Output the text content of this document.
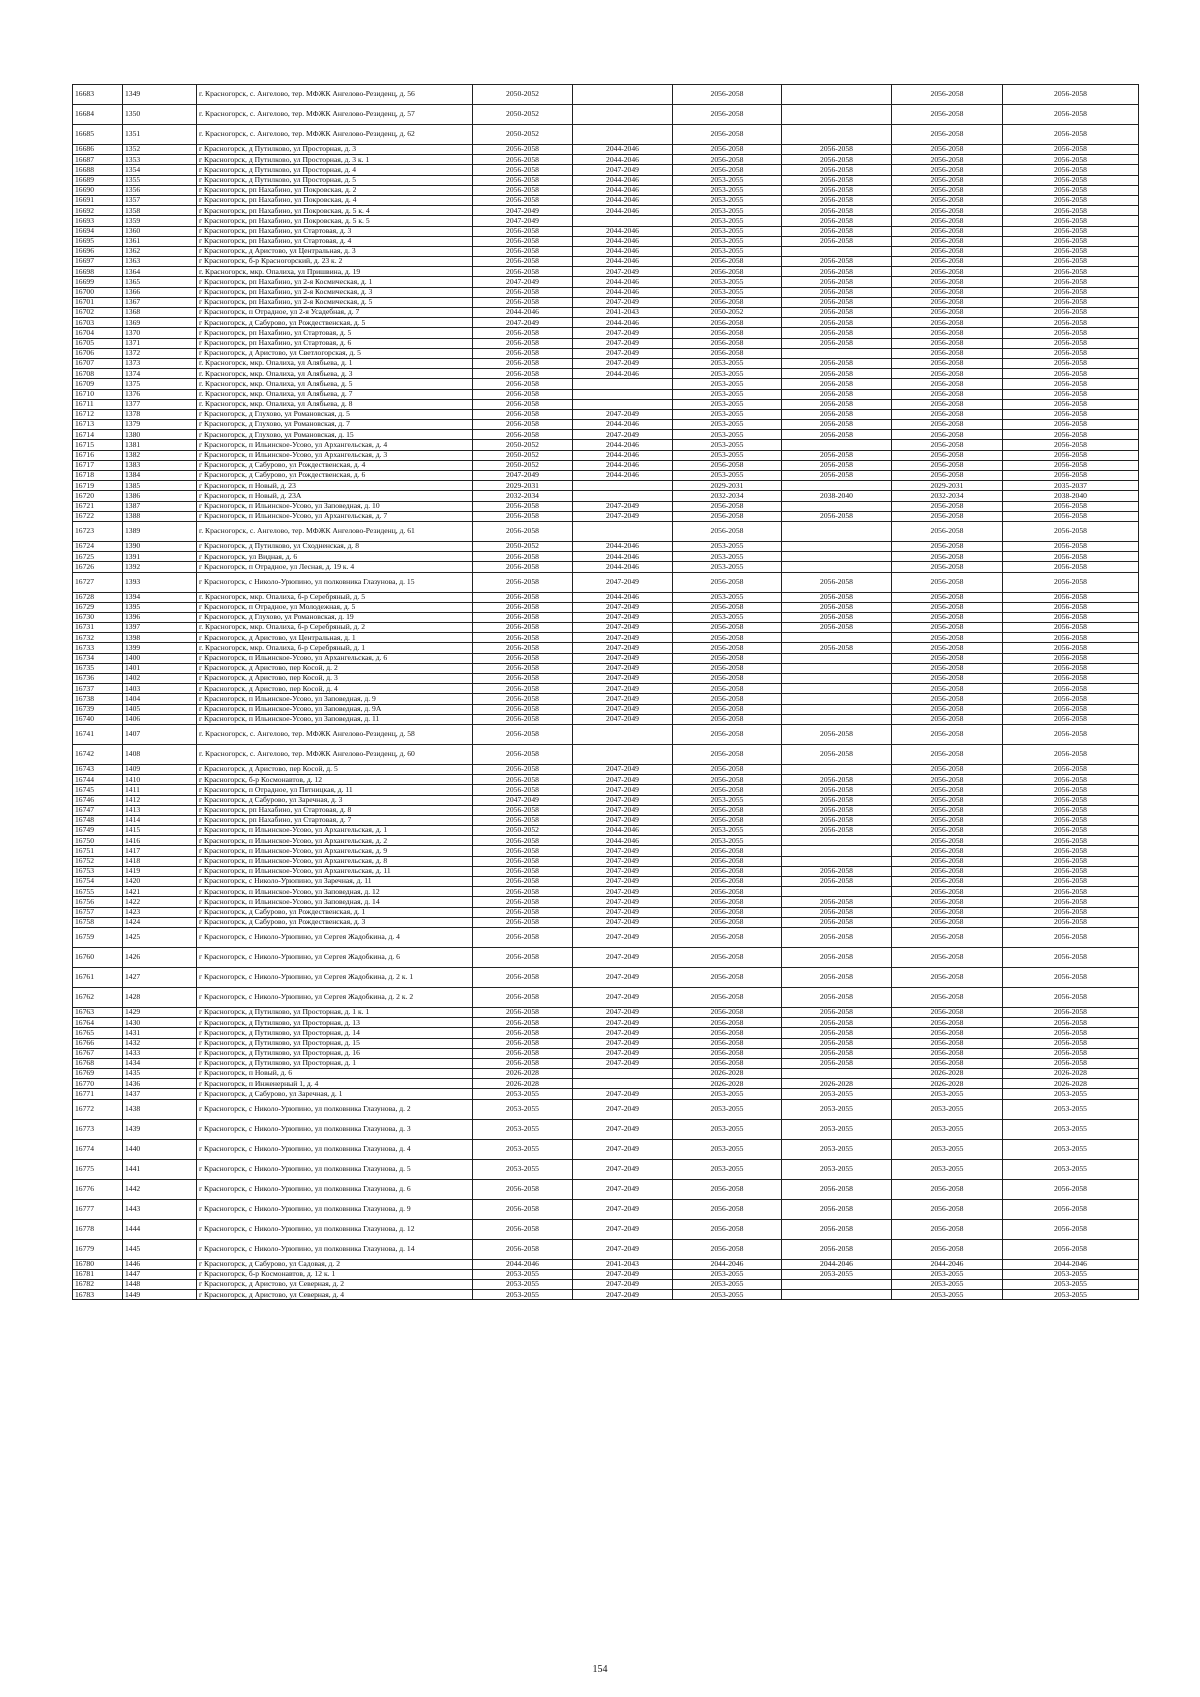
16683	1349	г. Красногорск, с. Ангелово, тер. МФЖК Ангелово-Резиденц, д. 56	2050-2052		2056-2058		2056-2058	2056-2058
16684	1350	г. Красногорск, с. Ангелово, тер. МФЖК Ангелово-Резиденц, д. 57	2050-2052		2056-2058		2056-2058	2056-2058
16685	1351	г. Красногорск, с. Ангелово, тер. МФЖК Ангелово-Резиденц, д. 62	2050-2052		2056-2058		2056-2058	2056-2058
16686	1352	г Красногорск, д Путилково, ул Просторная, д. 3	2056-2058	2044-2046	2056-2058	2056-2058	2056-2058	2056-2058
16687	1353	г Красногорск, д Путилково, ул Просторная, д. 3 к. 1	2056-2058	2044-2046	2056-2058	2056-2058	2056-2058	2056-2058
16688	1354	г Красногорск, д Путилково, ул Просторная, д. 4	2056-2058	2047-2049	2056-2058	2056-2058	2056-2058	2056-2058
16689	1355	г Красногорск, д Путилково, ул Просторная, д. 5	2056-2058	2044-2046	2053-2055	2056-2058	2056-2058	2056-2058
16690	1356	г Красногорск, рп Нахабино, ул Покровская, д. 2	2056-2058	2044-2046	2053-2055	2056-2058	2056-2058	2056-2058
16691	1357	г Красногорск, рп Нахабино, ул Покровская, д. 4	2056-2058	2044-2046	2053-2055	2056-2058	2056-2058	2056-2058
16692	1358	г Красногорск, рп Нахабино, ул Покровская, д. 5 к. 4	2047-2049	2044-2046	2053-2055	2056-2058	2056-2058	2056-2058
16693	1359	г Красногорск, рп Нахабино, ул Покровская, д. 5 к. 5	2047-2049		2053-2055	2056-2058	2056-2058	2056-2058
16694	1360	г Красногорск, рп Нахабино, ул Стартовая, д. 3	2056-2058	2044-2046	2053-2055	2056-2058	2056-2058	2056-2058
16695	1361	г Красногорск, рп Нахабино, ул Стартовая, д. 4	2056-2058	2044-2046	2053-2055	2056-2058	2056-2058	2056-2058
16696	1362	г Красногорск, д Аристово, ул Центральная, д. 3	2056-2058	2044-2046	2053-2055		2056-2058	2056-2058
16697	1363	г Красногорск, б-р Красногорский, д. 23 к. 2	2056-2058	2044-2046	2056-2058	2056-2058	2056-2058	2056-2058
16698	1364	г. Красногорск, мкр. Опалиха, ул Пришвина, д. 19	2056-2058	2047-2049	2056-2058	2056-2058	2056-2058	2056-2058
16699	1365	г Красногорск, рп Нахабино, ул 2-я Космическая, д. 1	2047-2049	2044-2046	2053-2055	2056-2058	2056-2058	2056-2058
16700	1366	г Красногорск, рп Нахабино, ул 2-я Космическая, д. 3	2056-2058	2044-2046	2053-2055	2056-2058	2056-2058	2056-2058
16701	1367	г Красногорск, рп Нахабино, ул 2-я Космическая, д. 5	2056-2058	2047-2049	2056-2058	2056-2058	2056-2058	2056-2058
16702	1368	г Красногорск, п Отрадное, ул 2-я Усадебная, д. 7	2044-2046	2041-2043	2050-2052	2056-2058	2056-2058	2056-2058
16703	1369	г Красногорск, д Сабурово, ул Рождественская, д. 5	2047-2049	2044-2046	2056-2058	2056-2058	2056-2058	2056-2058
16704	1370	г Красногорск, рп Нахабино, ул Стартовая, д. 5	2056-2058	2047-2049	2056-2058	2056-2058	2056-2058	2056-2058
16705	1371	г Красногорск, рп Нахабино, ул Стартовая, д. 6	2056-2058	2047-2049	2056-2058	2056-2058	2056-2058	2056-2058
16706	1372	г Красногорск, д Аристово, ул Светлогорская, д. 5	2056-2058	2047-2049	2056-2058		2056-2058	2056-2058
16707	1373	г. Красногорск, мкр. Опалиха, ул Алябьева, д. 1	2056-2058	2047-2049	2053-2055	2056-2058	2056-2058	2056-2058
16708	1374	г. Красногорск, мкр. Опалиха, ул Алябьева, д. 3	2056-2058	2044-2046	2053-2055	2056-2058	2056-2058	2056-2058
16709	1375	г. Красногорск, мкр. Опалиха, ул Алябьева, д. 5	2056-2058		2053-2055	2056-2058	2056-2058	2056-2058
16710	1376	г. Красногорск, мкр. Опалиха, ул Алябьева, д. 7	2056-2058		2053-2055	2056-2058	2056-2058	2056-2058
16711	1377	г. Красногорск, мкр. Опалиха, ул Алябьева, д. 8	2056-2058		2053-2055	2056-2058	2056-2058	2056-2058
16712	1378	г Красногорск, д Глухово, ул Романовская, д. 5	2056-2058	2047-2049	2053-2055	2056-2058	2056-2058	2056-2058
16713	1379	г Красногорск, д Глухово, ул Романовская, д. 7	2056-2058	2044-2046	2053-2055	2056-2058	2056-2058	2056-2058
16714	1380	г Красногорск, д Глухово, ул Романовская, д. 15	2056-2058	2047-2049	2053-2055	2056-2058	2056-2058	2056-2058
16715	1381	г Красногорск, п Ильинское-Усово, ул Архангельская, д. 4	2050-2052	2044-2046	2053-2055		2056-2058	2056-2058
16716	1382	г Красногорск, п Ильинское-Усово, ул Архангельская, д. 3	2050-2052	2044-2046	2053-2055	2056-2058	2056-2058	2056-2058
16717	1383	г Красногорск, д Сабурово, ул Рождественская, д. 4	2050-2052	2044-2046	2056-2058	2056-2058	2056-2058	2056-2058
16718	1384	г Красногорск, д Сабурово, ул Рождественская, д. 6	2047-2049	2044-2046	2053-2055	2056-2058	2056-2058	2056-2058
16719	1385	г Красногорск, п Новый, д. 23	2029-2031		2029-2031		2029-2031	2035-2037
16720	1386	г Красногорск, п Новый, д. 23А	2032-2034		2032-2034	2038-2040	2032-2034	2038-2040
16721	1387	г Красногорск, п Ильинское-Усово, ул Заповедная, д. 10	2056-2058	2047-2049	2056-2058		2056-2058	2056-2058
16722	1388	г Красногорск, п Ильинское-Усово, ул Архангельская, д. 7	2056-2058	2047-2049	2056-2058	2056-2058	2056-2058	2056-2058
16723	1389	г. Красногорск, с. Ангелово, тер. МФЖК Ангелово-Резиденц, д. 61	2056-2058		2056-2058		2056-2058	2056-2058
16724	1390	г Красногорск, д Путилково, ул Сходненская, д. 8	2050-2052	2044-2046	2053-2055		2056-2058	2056-2058
16725	1391	г Красногорск, ул Видная, д. 6	2056-2058	2044-2046	2053-2055		2056-2058	2056-2058
16726	1392	г Красногорск, п Отрадное, ул Лесная, д. 19 к. 4	2056-2058	2044-2046	2053-2055		2056-2058	2056-2058
16727	1393	г Красногорск, с Николо-Урюпино, ул полковника Глазунова, д. 15	2056-2058	2047-2049	2056-2058	2056-2058	2056-2058	2056-2058
16728	1394	г. Красногорск, мкр. Опалиха, б-р Серебряный, д. 5	2056-2058	2044-2046	2053-2055	2056-2058	2056-2058	2056-2058
16729	1395	г Красногорск, п Отрадное, ул Молодежная, д. 5	2056-2058	2047-2049	2056-2058	2056-2058	2056-2058	2056-2058
16730	1396	г Красногорск, д Глухово, ул Романовская, д. 19	2056-2058	2047-2049	2053-2055	2056-2058	2056-2058	2056-2058
16731	1397	г. Красногорск, мкр. Опалиха, б-р Серебряный, д. 2	2056-2058	2047-2049	2056-2058	2056-2058	2056-2058	2056-2058
16732	1398	г Красногорск, д Аристово, ул Центральная, д. 1	2056-2058	2047-2049	2056-2058		2056-2058	2056-2058
16733	1399	г. Красногорск, мкр. Опалиха, б-р Серебряный, д. 1	2056-2058	2047-2049	2056-2058	2056-2058	2056-2058	2056-2058
16734	1400	г Красногорск, п Ильинское-Усово, ул Архангельская, д. 6	2056-2058	2047-2049	2056-2058		2056-2058	2056-2058
16735	1401	г Красногорск, д Аристово, пер Косой, д. 2	2056-2058	2047-2049	2056-2058		2056-2058	2056-2058
16736	1402	г Красногорск, д Аристово, пер Косой, д. 3	2056-2058	2047-2049	2056-2058		2056-2058	2056-2058
16737	1403	г Красногорск, д Аристово, пер Косой, д. 4	2056-2058	2047-2049	2056-2058		2056-2058	2056-2058
16738	1404	г Красногорск, п Ильинское-Усово, ул Заповедная, д. 9	2056-2058	2047-2049	2056-2058		2056-2058	2056-2058
16739	1405	г Красногорск, п Ильинское-Усово, ул Заповедная, д. 9А	2056-2058	2047-2049	2056-2058		2056-2058	2056-2058
16740	1406	г Красногорск, п Ильинское-Усово, ул Заповедная, д. 11	2056-2058	2047-2049	2056-2058		2056-2058	2056-2058
16741	1407	г. Красногорск, с. Ангелово, тер. МФЖК Ангелово-Резиденц, д. 58	2056-2058		2056-2058	2056-2058	2056-2058	2056-2058
16742	1408	г. Красногорск, с. Ангелово, тер. МФЖК Ангелово-Резиденц, д. 60	2056-2058		2056-2058	2056-2058	2056-2058	2056-2058
16743	1409	г Красногорск, д Аристово, пер Косой, д. 5	2056-2058	2047-2049	2056-2058		2056-2058	2056-2058
16744	1410	г Красногорск, б-р Космонавтов, д. 12	2056-2058	2047-2049	2056-2058	2056-2058	2056-2058	2056-2058
16745	1411	г Красногорск, п Отрадное, ул Пятницкая, д. 11	2056-2058	2047-2049	2056-2058	2056-2058	2056-2058	2056-2058
16746	1412	г Красногорск, д Сабурово, ул Заречная, д. 3	2047-2049	2047-2049	2053-2055	2056-2058	2056-2058	2056-2058
16747	1413	г Красногорск, рп Нахабино, ул Стартовая, д. 8	2056-2058	2047-2049	2056-2058	2056-2058	2056-2058	2056-2058
16748	1414	г Красногорск, рп Нахабино, ул Стартовая, д. 7	2056-2058	2047-2049	2056-2058	2056-2058	2056-2058	2056-2058
16749	1415	г Красногорск, п Ильинское-Усово, ул Архангельская, д. 1	2050-2052	2044-2046	2053-2055	2056-2058	2056-2058	2056-2058
16750	1416	г Красногорск, п Ильинское-Усово, ул Архангельская, д. 2	2056-2058	2044-2046	2053-2055		2056-2058	2056-2058
16751	1417	г Красногорск, п Ильинское-Усово, ул Архангельская, д. 9	2056-2058	2047-2049	2056-2058		2056-2058	2056-2058
16752	1418	г Красногорск, п Ильинское-Усово, ул Архангельская, д. 8	2056-2058	2047-2049	2056-2058		2056-2058	2056-2058
16753	1419	г Красногорск, п Ильинское-Усово, ул Архангельская, д. 11	2056-2058	2047-2049	2056-2058	2056-2058	2056-2058	2056-2058
16754	1420	г Красногорск, с Николо-Урюпино, ул Заречная, д. 11	2056-2058	2047-2049	2056-2058	2056-2058	2056-2058	2056-2058
16755	1421	г Красногорск, п Ильинское-Усово, ул Заповедная, д. 12	2056-2058	2047-2049	2056-2058		2056-2058	2056-2058
16756	1422	г Красногорск, п Ильинское-Усово, ул Заповедная, д. 14	2056-2058	2047-2049	2056-2058	2056-2058	2056-2058	2056-2058
16757	1423	г Красногорск, д Сабурово, ул Рождественская, д. 1	2056-2058	2047-2049	2056-2058	2056-2058	2056-2058	2056-2058
16758	1424	г Красногорск, д Сабурово, ул Рождественская, д. 3	2056-2058	2047-2049	2056-2058	2056-2058	2056-2058	2056-2058
16759	1425	г Красногорск, с Николо-Урюпино, ул Сергея Жадобкина, д. 4	2056-2058	2047-2049	2056-2058	2056-2058	2056-2058	2056-2058
16760	1426	г Красногорск, с Николо-Урюпино, ул Сергея Жадобкина, д. 6	2056-2058	2047-2049	2056-2058	2056-2058	2056-2058	2056-2058
16761	1427	г Красногорск, с Николо-Урюпино, ул Сергея Жадобкина, д. 2 к. 1	2056-2058	2047-2049	2056-2058	2056-2058	2056-2058	2056-2058
16762	1428	г Красногорск, с Николо-Урюпино, ул Сергея Жадобкина, д. 2 к. 2	2056-2058	2047-2049	2056-2058	2056-2058	2056-2058	2056-2058
16763	1429	г Красногорск, д Путилково, ул Просторная, д. 1 к. 1	2056-2058	2047-2049	2056-2058	2056-2058	2056-2058	2056-2058
16764	1430	г Красногорск, д Путилково, ул Просторная, д. 13	2056-2058	2047-2049	2056-2058	2056-2058	2056-2058	2056-2058
16765	1431	г Красногорск, д Путилково, ул Просторная, д. 14	2056-2058	2047-2049	2056-2058	2056-2058	2056-2058	2056-2058
16766	1432	г Красногорск, д Путилково, ул Просторная, д. 15	2056-2058	2047-2049	2056-2058	2056-2058	2056-2058	2056-2058
16767	1433	г Красногорск, д Путилково, ул Просторная, д. 16	2056-2058	2047-2049	2056-2058	2056-2058	2056-2058	2056-2058
16768	1434	г Красногорск, д Путилково, ул Просторная, д. 1	2056-2058	2047-2049	2056-2058	2056-2058	2056-2058	2056-2058
16769	1435	г Красногорск, п Новый, д. 6	2026-2028		2026-2028		2026-2028	2026-2028
16770	1436	г Красногорск, п Инженерный 1, д. 4	2026-2028		2026-2028	2026-2028	2026-2028	2026-2028
16771	1437	г Красногорск, д Сабурово, ул Заречная, д. 1	2053-2055	2047-2049	2053-2055	2053-2055	2053-2055	2053-2055
16772	1438	г Красногорск, с Николо-Урюпино, ул полковника Глазунова, д. 2	2053-2055	2047-2049	2053-2055	2053-2055	2053-2055	2053-2055
16773	1439	г Красногорск, с Николо-Урюпино, ул полковника Глазунова, д. 3	2053-2055	2047-2049	2053-2055	2053-2055	2053-2055	2053-2055
16774	1440	г Красногорск, с Николо-Урюпино, ул полковника Глазунова, д. 4	2053-2055	2047-2049	2053-2055	2053-2055	2053-2055	2053-2055
16775	1441	г Красногорск, с Николо-Урюпино, ул полковника Глазунова, д. 5	2053-2055	2047-2049	2053-2055	2053-2055	2053-2055	2053-2055
16776	1442	г Красногорск, с Николо-Урюпино, ул полковника Глазунова, д. 6	2056-2058	2047-2049	2056-2058	2056-2058	2056-2058	2056-2058
16777	1443	г Красногорск, с Николо-Урюпино, ул полковника Глазунова, д. 9	2056-2058	2047-2049	2056-2058	2056-2058	2056-2058	2056-2058
16778	1444	г Красногорск, с Николо-Урюпино, ул полковника Глазунова, д. 12	2056-2058	2047-2049	2056-2058	2056-2058	2056-2058	2056-2058
16779	1445	г Красногорск, с Николо-Урюпино, ул полковника Глазунова, д. 14	2056-2058	2047-2049	2056-2058	2056-2058	2056-2058	2056-2058
16780	1446	г Красногорск, д Сабурово, ул Садовая, д. 2	2044-2046	2041-2043	2044-2046	2044-2046	2044-2046	2044-2046
16781	1447	г Красногорск, б-р Космонавтов, д. 12 к. 1	2053-2055	2047-2049	2053-2055	2053-2055	2053-2055	2053-2055
16782	1448	г Красногорск, д Аристово, ул Северная, д. 2	2053-2055	2047-2049	2053-2055		2053-2055	2053-2055
16783	1449	г Красногорск, д Аристово, ул Северная, д. 4	2053-2055	2047-2049	2053-2055		2053-2055	2053-2055
154
